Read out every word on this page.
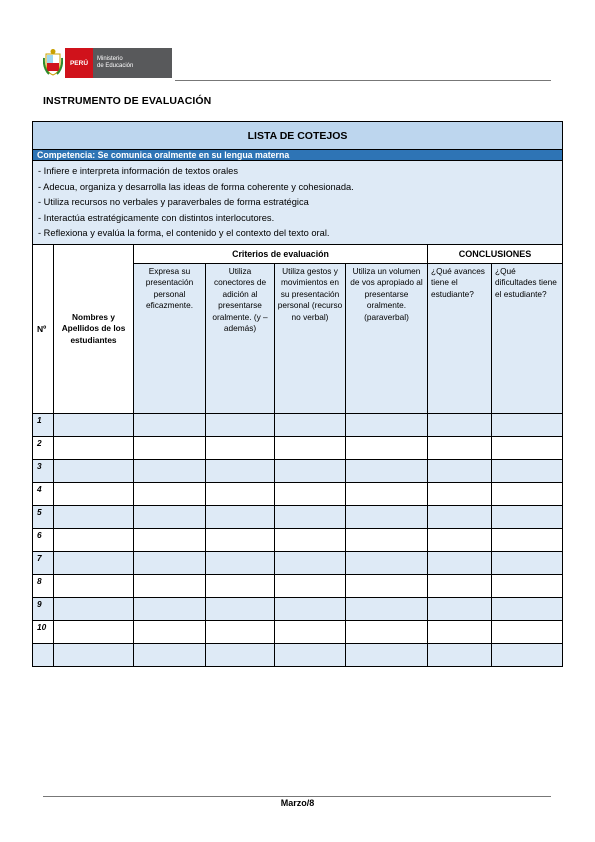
PERÚ
Ministerio
de Educación
INSTRUMENTO DE EVALUACIÓN
LISTA DE COTEJOS							
Competencia: Se comunica oralmente en su lengua materna							

- Infiere e interpreta información de textos orales
- Adecua, organiza y desarrolla las ideas de forma coherente y cohesionada.
- Utiliza recursos no verbales y paraverbales de forma estratégica
- Interactúa estratégicamente con distintos interlocutores.
- Reflexiona y evalúa la forma, el contenido y el contexto del texto oral.							

Nº	Nombres y Apellidos de los estudiantes	Criterios de evaluación				CONCLUSIONES	
		Expresa su presentación personal eficazmente.	Utiliza conectores de adición al presentarse oralmente. (y –además)	Utiliza gestos y movimientos en su presentación personal (recurso no verbal)	Utiliza un volumen de vos apropiado al presentarse oralmente. (paraverbal)	¿Qué avances tiene el estudiante?	¿Qué dificultades tiene el estudiante?
1							
2							
3							
4							
5							
6							
7							
8							
9							
10							

Marzo/8
